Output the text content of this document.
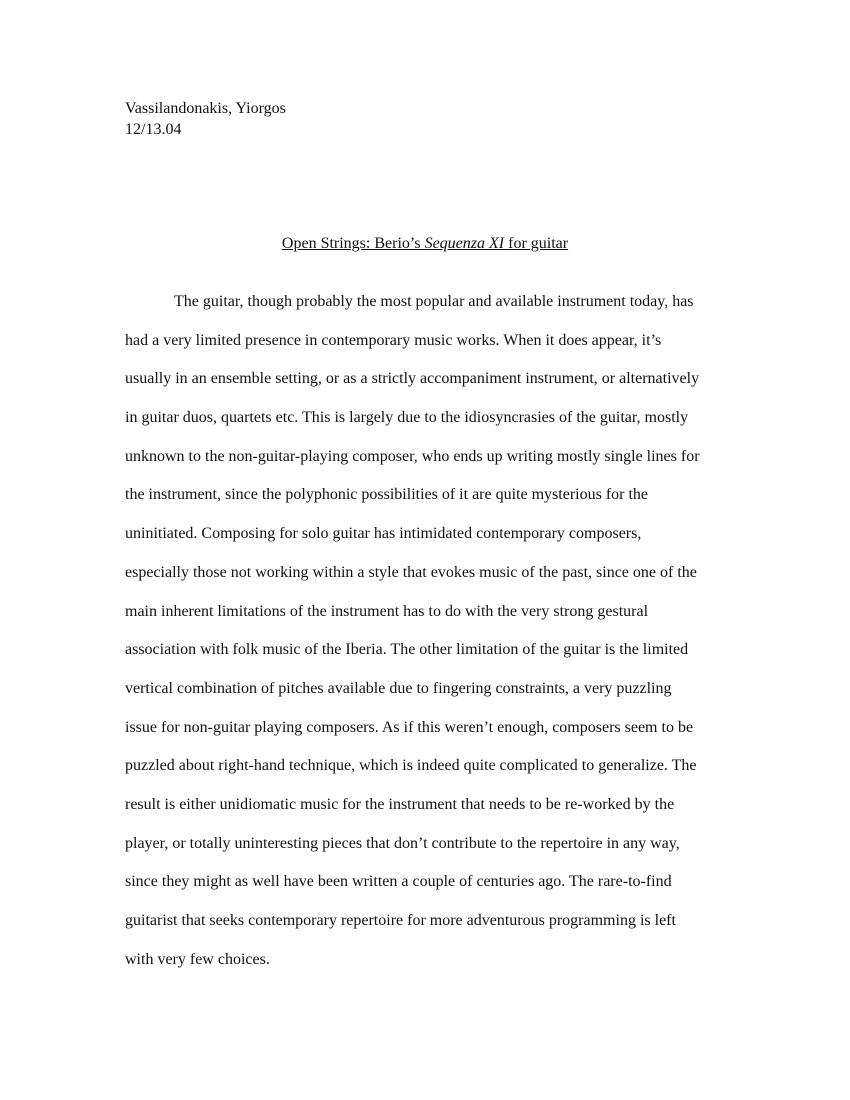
Vassilandonakis, Yiorgos
12/13.04
Open Strings: Berio’s Sequenza XI for guitar
The guitar, though probably the most popular and available instrument today, has
had a very limited presence in contemporary music works. When it does appear, it’s
usually in an ensemble setting, or as a strictly accompaniment instrument, or alternatively
in guitar duos, quartets etc. This is largely due to the idiosyncrasies of the guitar, mostly
unknown to the non-guitar-playing composer, who ends up writing mostly single lines for
the instrument, since the polyphonic possibilities of it are quite mysterious for the
uninitiated. Composing for solo guitar has intimidated contemporary composers,
especially those not working within a style that evokes music of the past, since one of the
main inherent limitations of the instrument has to do with the very strong gestural
association with folk music of the Iberia. The other limitation of the guitar is the limited
vertical combination of pitches available due to fingering constraints, a very puzzling
issue for non-guitar playing composers. As if this weren’t enough, composers seem to be
puzzled about right-hand technique, which is indeed quite complicated to generalize. The
result is either unidiomatic music for the instrument that needs to be re-worked by the
player, or totally uninteresting pieces that don’t contribute to the repertoire in any way,
since they might as well have been written a couple of centuries ago. The rare-to-find
guitarist that seeks contemporary repertoire for more adventurous programming is left
with very few choices.
